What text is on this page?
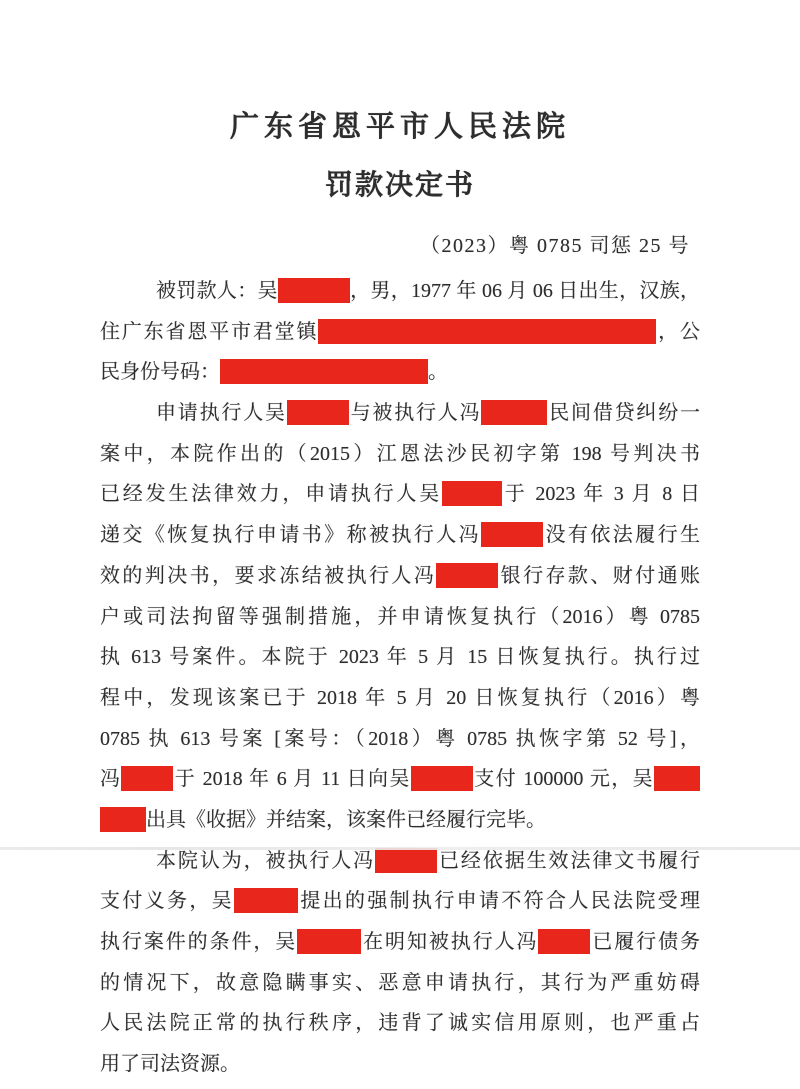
广东省恩平市人民法院
罚款决定书
（2023）粤 0785 司惩 25 号
被罚款人：吴	，男，1977 年 06 月 06 日出生，汉族，
住广东省恩平市君堂镇	，公
民身份号码：	。
申请执行人吴	与被执行人冯	民间借贷纠纷一
案中，本院作出的（2015）江恩法沙民初字第 198 号判决书
已经发生法律效力，申请执行人吴	于 2023 年 3 月 8 日
递交《恢复执行申请书》称被执行人冯	没有依法履行生
效的判决书，要求冻结被执行人冯	银行存款、财付通账
户或司法拘留等强制措施，并申请恢复执行（2016）粤 0785
执 613 号案件。本院于 2023 年 5 月 15 日恢复执行。执行过
程中，发现该案已于 2018 年 5 月 20 日恢复执行（2016）粤
0785 执 613 号案 [案号：（2018）粤 0785 执恢字第 52 号]，
冯	于 2018 年 6 月 11 日向吴	支付 100000 元，吴
出具《收据》并结案，该案件已经履行完毕。
本院认为，被执行人冯	已经依据生效法律文书履行
支付义务，吴	提出的强制执行申请不符合人民法院受理
执行案件的条件，吴	在明知被执行人冯	已履行债务
的情况下，故意隐瞒事实、恶意申请执行，其行为严重妨碍
人民法院正常的执行秩序，违背了诚实信用原则，也严重占
用了司法资源。
